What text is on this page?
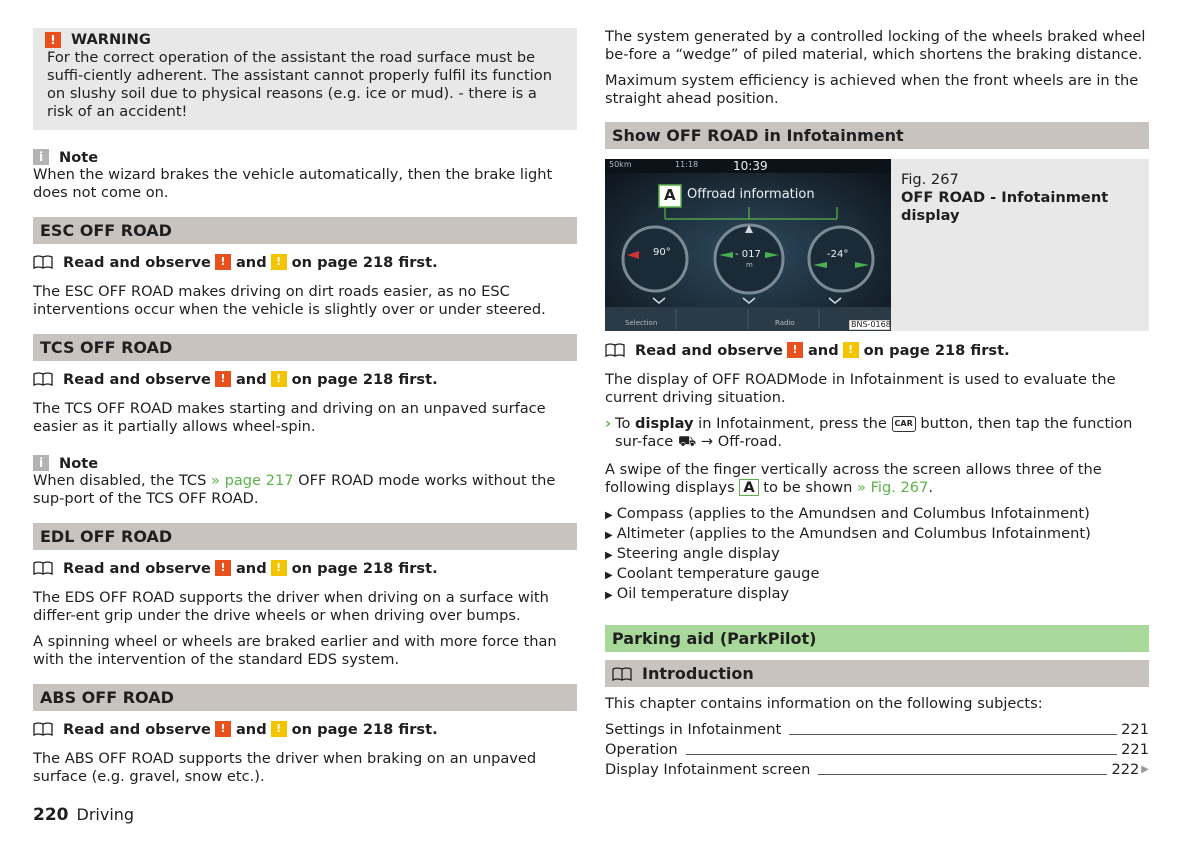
!	WARNING

For the correct operation of the assistant the road surface must be suffi-ciently adherent. The assistant cannot properly fulfil its function on slushy soil due to physical reasons (e.g. ice or mud). - there is a risk of an accident!

i	Note

When the wizard brakes the vehicle automatically, then the brake light does not come on.

ESC OFF ROAD
Read and observe ! and ! on page 218 first.

The ESC OFF ROAD makes driving on dirt roads easier, as no ESC interventions occur when the vehicle is slightly over or under steered.

TCS OFF ROAD
Read and observe ! and ! on page 218 first.

The TCS OFF ROAD makes starting and driving on an unpaved surface easier as it partially allows wheel-spin.

i	Note

When disabled, the TCS » page 217 OFF ROAD mode works without the sup-port of the TCS OFF ROAD.

EDL OFF ROAD
Read and observe ! and ! on page 218 first.

The EDS OFF ROAD supports the driver when driving on a surface with differ-ent grip under the drive wheels or when driving over bumps.

A spinning wheel or wheels are braked earlier and with more force than with the intervention of the standard EDS system.

ABS OFF ROAD
Read and observe ! and ! on page 218 first.

The ABS OFF ROAD supports the driver when braking on an unpaved surface (e.g. gravel, snow etc.).

The system generated by a controlled locking of the wheels braked wheel be-fore a “wedge” of piled material, which shortens the braking distance.

Maximum system efficiency is achieved when the front wheels are in the straight ahead position.

Show OFF ROAD in Infotainment
50km	11:18	10:39
A Offroad information
90°	- 017
m
-24°
Selection	Radio	BNS-0168
Fig. 267
OFF ROAD - Infotainment display
Read and observe ! and ! on page 218 first.

The display of OFF ROADMode in Infotainment is used to evaluate the current driving situation.

› To display in Infotainment, press the CAR button, then tap the function sur-face ⛟ → Off-road.

A swipe of the finger vertically across the screen allows three of the following displays A to be shown » Fig. 267.

▶ Compass (applies to the Amundsen and Columbus Infotainment)
▶ Altimeter (applies to the Amundsen and Columbus Infotainment)
▶ Steering angle display
▶ Coolant temperature gauge
▶ Oil temperature display
Parking aid (ParkPilot)
Introduction

This chapter contains information on the following subjects:

Settings in Infotainment	221
Operation	221
Display Infotainment screen	222 ▶
220 Driving
